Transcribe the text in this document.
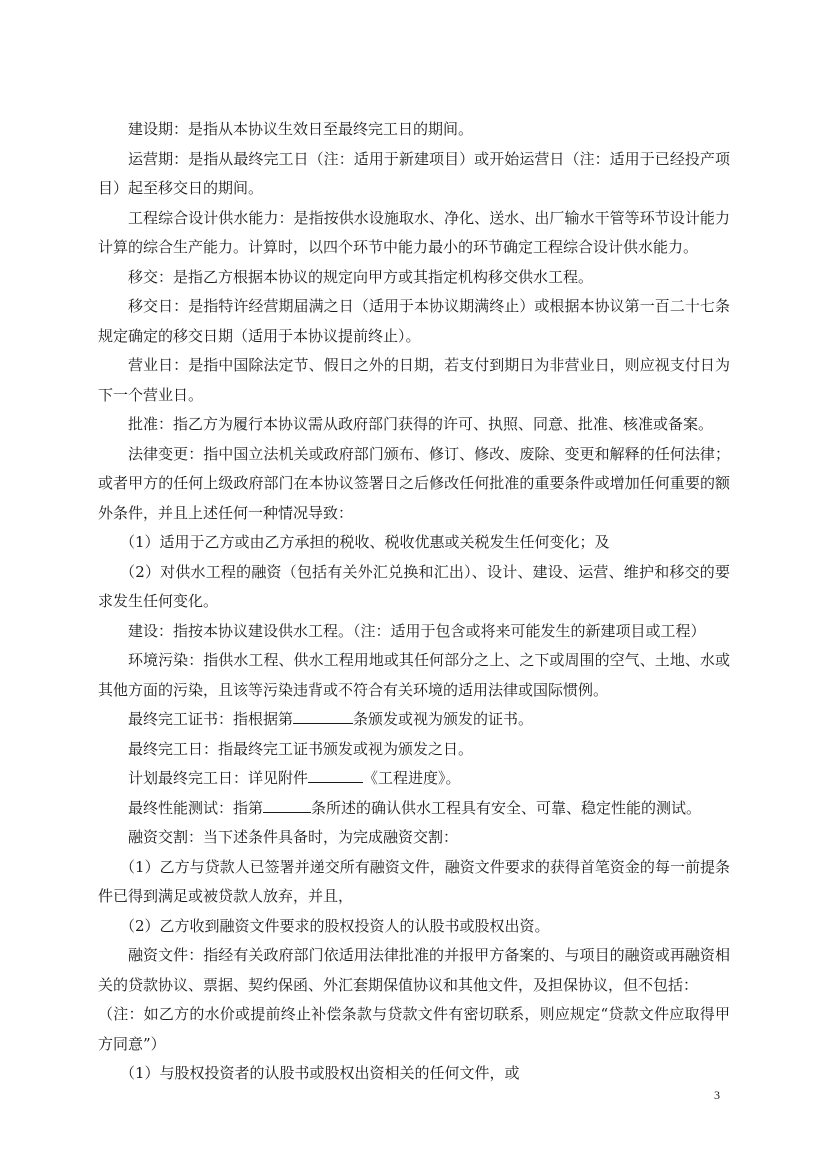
建设期：是指从本协议生效日至最终完工日的期间。

运营期：是指从最终完工日（注：适用于新建项目）或开始运营日（注：适用于已经投产项目）起至移交日的期间。

工程综合设计供水能力：是指按供水设施取水、净化、送水、出厂输水干管等环节设计能力计算的综合生产能力。计算时，以四个环节中能力最小的环节确定工程综合设计供水能力。

移交：是指乙方根据本协议的规定向甲方或其指定机构移交供水工程。

移交日：是指特许经营期届满之日（适用于本协议期满终止）或根据本协议第一百二十七条规定确定的移交日期（适用于本协议提前终止）。

营业日：是指中国除法定节、假日之外的日期，若支付到期日为非营业日，则应视支付日为下一个营业日。

批准：指乙方为履行本协议需从政府部门获得的许可、执照、同意、批准、核准或备案。

法律变更：指中国立法机关或政府部门颁布、修订、修改、废除、变更和解释的任何法律；或者甲方的任何上级政府部门在本协议签署日之后修改任何批准的重要条件或增加任何重要的额外条件，并且上述任何一种情况导致：

（1）适用于乙方或由乙方承担的税收、税收优惠或关税发生任何变化；及

（2）对供水工程的融资（包括有关外汇兑换和汇出）、设计、建设、运营、维护和移交的要求发生任何变化。

建设：指按本协议建设供水工程。（注：适用于包含或将来可能发生的新建项目或工程）

环境污染：指供水工程、供水工程用地或其任何部分之上、之下或周围的空气、土地、水或其他方面的污染，且该等污染违背或不符合有关环境的适用法律或国际惯例。

最终完工证书：指根据第	条颁发或视为颁发的证书。

最终完工日：指最终完工证书颁发或视为颁发之日。

计划最终完工日：详见附件	《工程进度》。

最终性能测试：指第	条所述的确认供水工程具有安全、可靠、稳定性能的测试。

融资交割：当下述条件具备时，为完成融资交割：

（1）乙方与贷款人已签署并递交所有融资文件，融资文件要求的获得首笔资金的每一前提条件已得到满足或被贷款人放弃，并且，

（2）乙方收到融资文件要求的股权投资人的认股书或股权出资。

融资文件：指经有关政府部门依适用法律批准的并报甲方备案的、与项目的融资或再融资相关的贷款协议、票据、契约保函、外汇套期保值协议和其他文件，及担保协议，但不包括：

（注：如乙方的水价或提前终止补偿条款与贷款文件有密切联系，则应规定“贷款文件应取得甲方同意”）

（1）与股权投资者的认股书或股权出资相关的任何文件，或

3
